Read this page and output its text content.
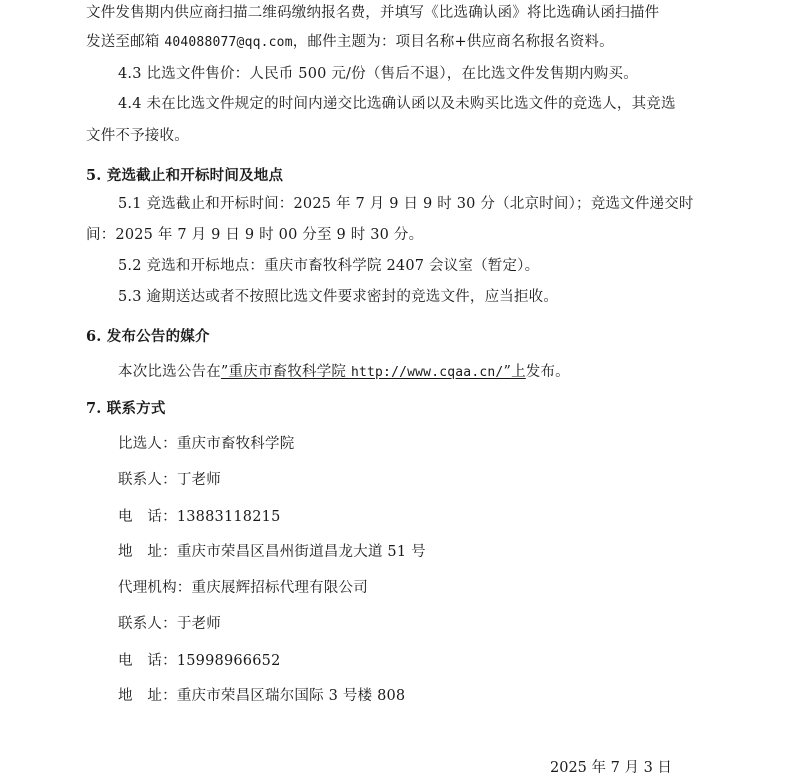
文件发售期内供应商扫描二维码缴纳报名费，并填写《比选确认函》将比选确认函扫描件
发送至邮箱 404088077@qq.com，邮件主题为：项目名称+供应商名称报名资料。
4.3 比选文件售价：人民币 500 元/份（售后不退），在比选文件发售期内购买。
4.4 未在比选文件规定的时间内递交比选确认函以及未购买比选文件的竞选人，其竞选
文件不予接收。
5. 竞选截止和开标时间及地点
5.1 竞选截止和开标时间：2025 年 7 月 9 日 9 时 30 分（北京时间）；竞选文件递交时
间：2025 年 7 月 9 日 9 时 00 分至 9 时 30 分。
5.2 竞选和开标地点：重庆市畜牧科学院 2407 会议室（暂定）。
5.3 逾期送达或者不按照比选文件要求密封的竞选文件，应当拒收。
6. 发布公告的媒介
本次比选公告在”重庆市畜牧科学院 http://www.cqaa.cn/”上发布。
7. 联系方式
比选人：重庆市畜牧科学院
联系人：丁老师
电　话：13883118215
地　址：重庆市荣昌区昌州街道昌龙大道 51 号
代理机构：重庆展辉招标代理有限公司
联系人：于老师
电　话：15998966652
地　址：重庆市荣昌区瑞尔国际 3 号楼 808
2025 年 7 月 3 日
